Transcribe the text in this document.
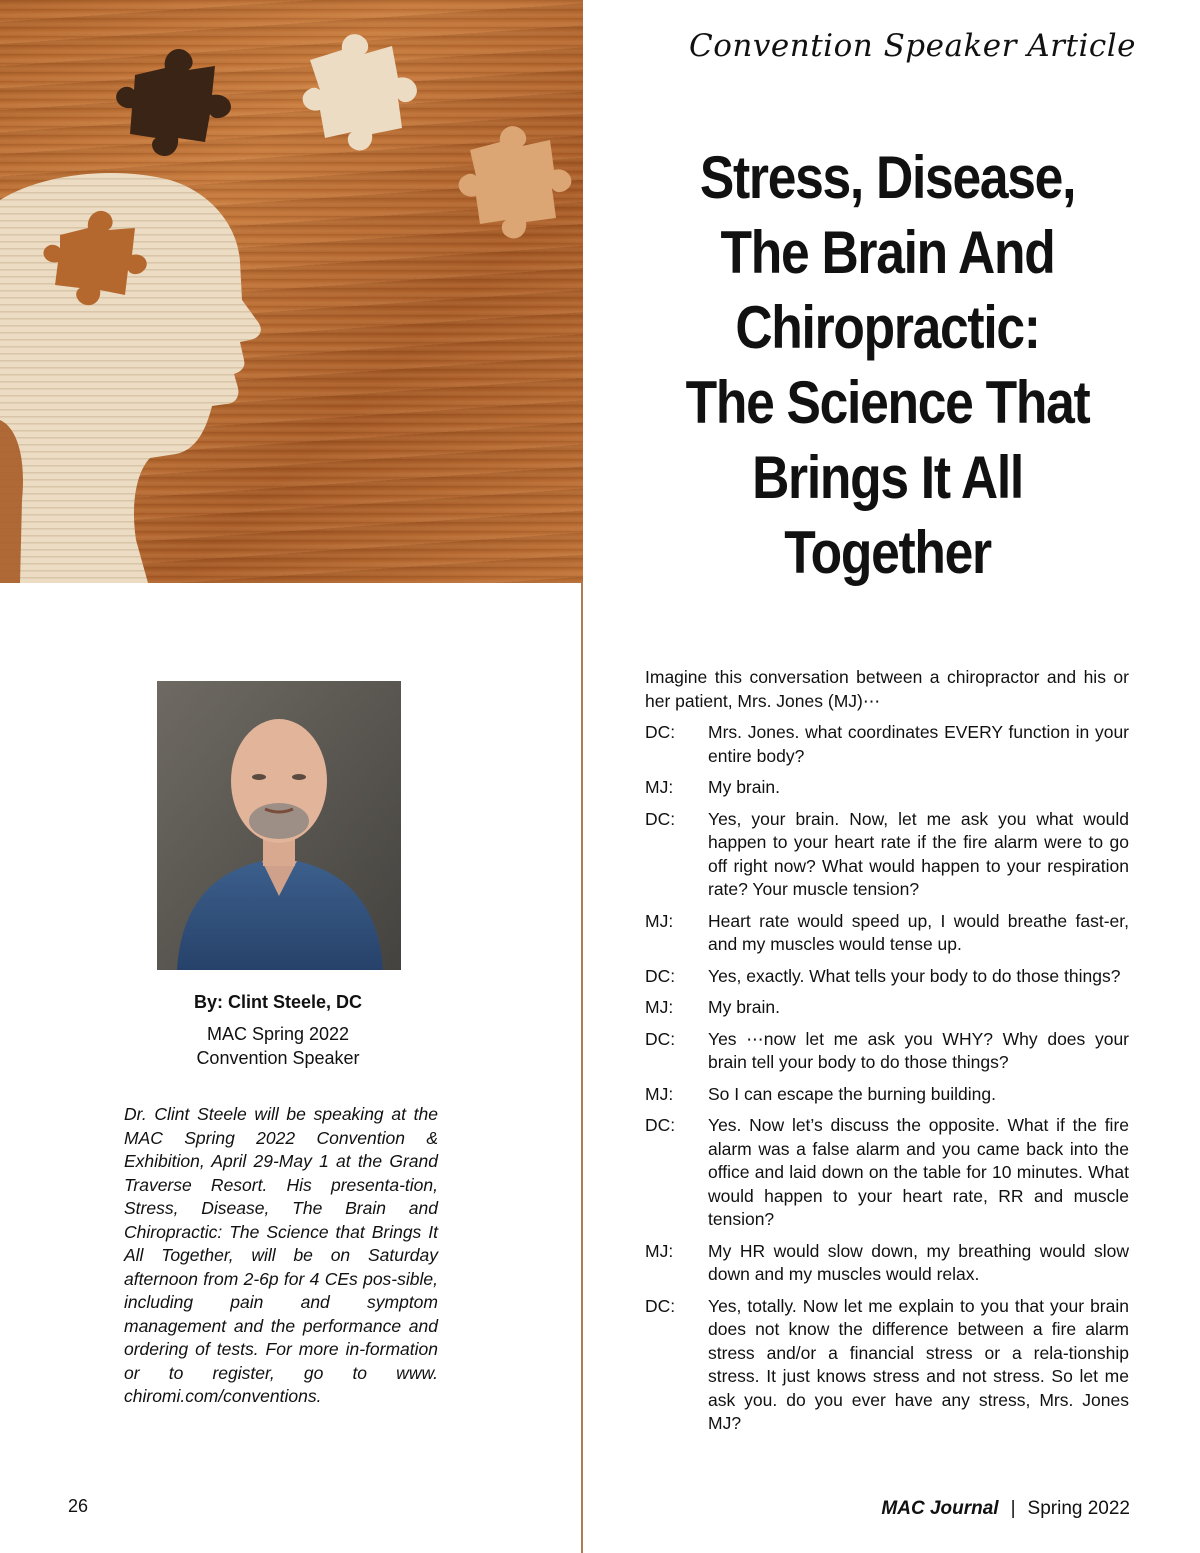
Convention Speaker Article
Stress, Disease,
The Brain And
Chiropractic:
The Science That
Brings It All
Together
By: Clint Steele, DC
MAC Spring 2022
Convention Speaker
Dr. Clint Steele will be speaking at the MAC Spring 2022 Convention & Exhibition, April 29-May 1 at the Grand Traverse Resort. His presenta-tion, Stress, Disease, The Brain and Chiropractic: The Science that Brings It All Together, will be on Saturday afternoon from 2-6p for 4 CEs pos-sible, including pain and symptom management and the performance and ordering of tests. For more in-formation or to register, go to www. chiromi.com/conventions.

Imagine this conversation between a chiropractor and his or her patient, Mrs. Jones (MJ)⋯

DC:	Mrs. Jones. what coordinates EVERY function in your entire body?
MJ:	My brain.
DC:	Yes, your brain. Now, let me ask you what would happen to your heart rate if the fire alarm were to go off right now? What would happen to your respiration rate? Your muscle tension?
MJ:	Heart rate would speed up, I would breathe fast-er, and my muscles would tense up.
DC:	Yes, exactly. What tells your body to do those things?
MJ:	My brain.
DC:	Yes ⋯now let me ask you WHY? Why does your brain tell your body to do those things?
MJ:	So I can escape the burning building.
DC:	Yes. Now let’s discuss the opposite. What if the fire alarm was a false alarm and you came back into the office and laid down on the table for 10 minutes. What would happen to your heart rate, RR and muscle tension?
MJ:	My HR would slow down, my breathing would slow down and my muscles would relax.
DC:	Yes, totally. Now let me explain to you that your brain does not know the difference between a fire alarm stress and/or a financial stress or a rela-tionship stress. It just knows stress and not stress. So let me ask you. do you ever have any stress, Mrs. Jones MJ?
26	MAC Journal | Spring 2022
